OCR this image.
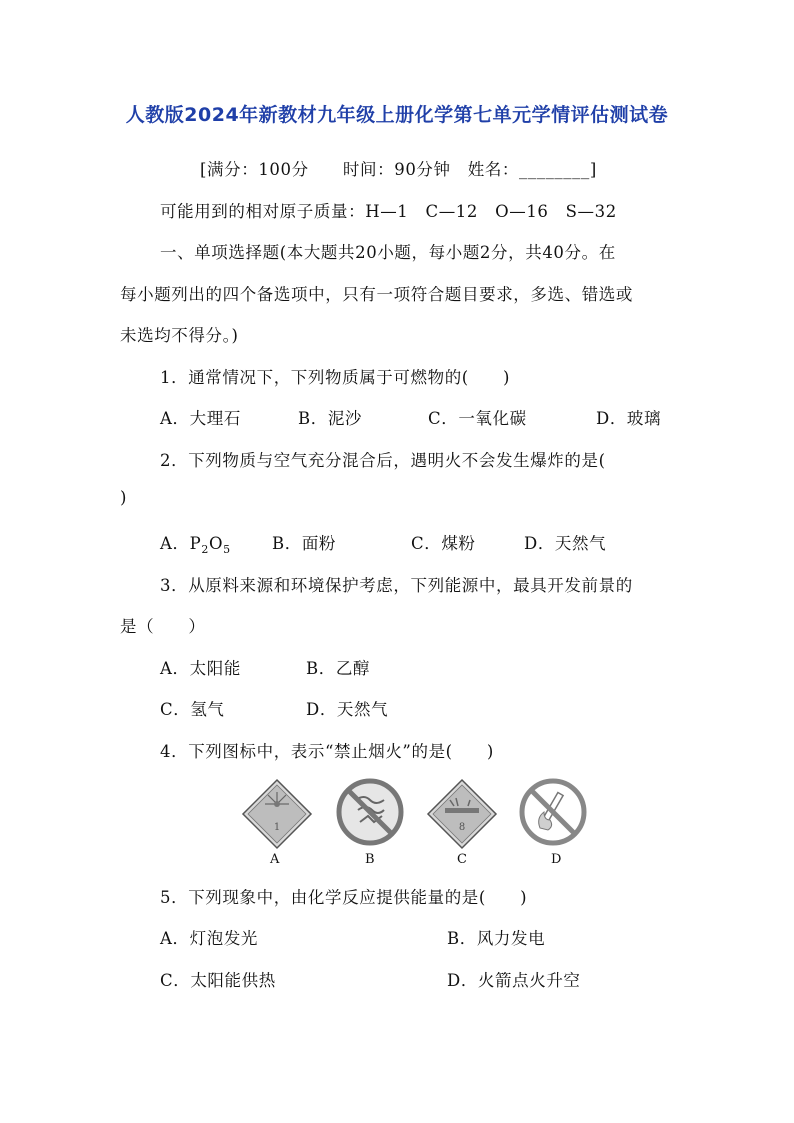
人教版2024年新教材九年级上册化学第七单元学情评估测试卷
[满分：100分　　时间：90分钟　姓名：________]
可能用到的相对原子质量：H—1　C—12　O—16　S—32
一、单项选择题(本大题共20小题，每小题2分，共40分。在
每小题列出的四个备选项中，只有一项符合题目要求，多选、错选或
未选均不得分。)
1．通常情况下，下列物质属于可燃物的(　　)
A．大理石	B．泥沙	C．一氧化碳	D．玻璃
2．下列物质与空气充分混合后，遇明火不会发生爆炸的是(
)
A．$P_2O_5$	B．面粉	C．煤粉	D．天然气
3．从原料来源和环境保护考虑，下列能源中，最具开发前景的
是（　　）
A．太阳能	B．乙醇
C．氢气	D．天然气
4．下列图标中，表示“禁止烟火”的是(　　)
1	8
A	B	C	D
5．下列现象中，由化学反应提供能量的是(　　)
A．灯泡发光	B．风力发电
C．太阳能供热	D．火箭点火升空
